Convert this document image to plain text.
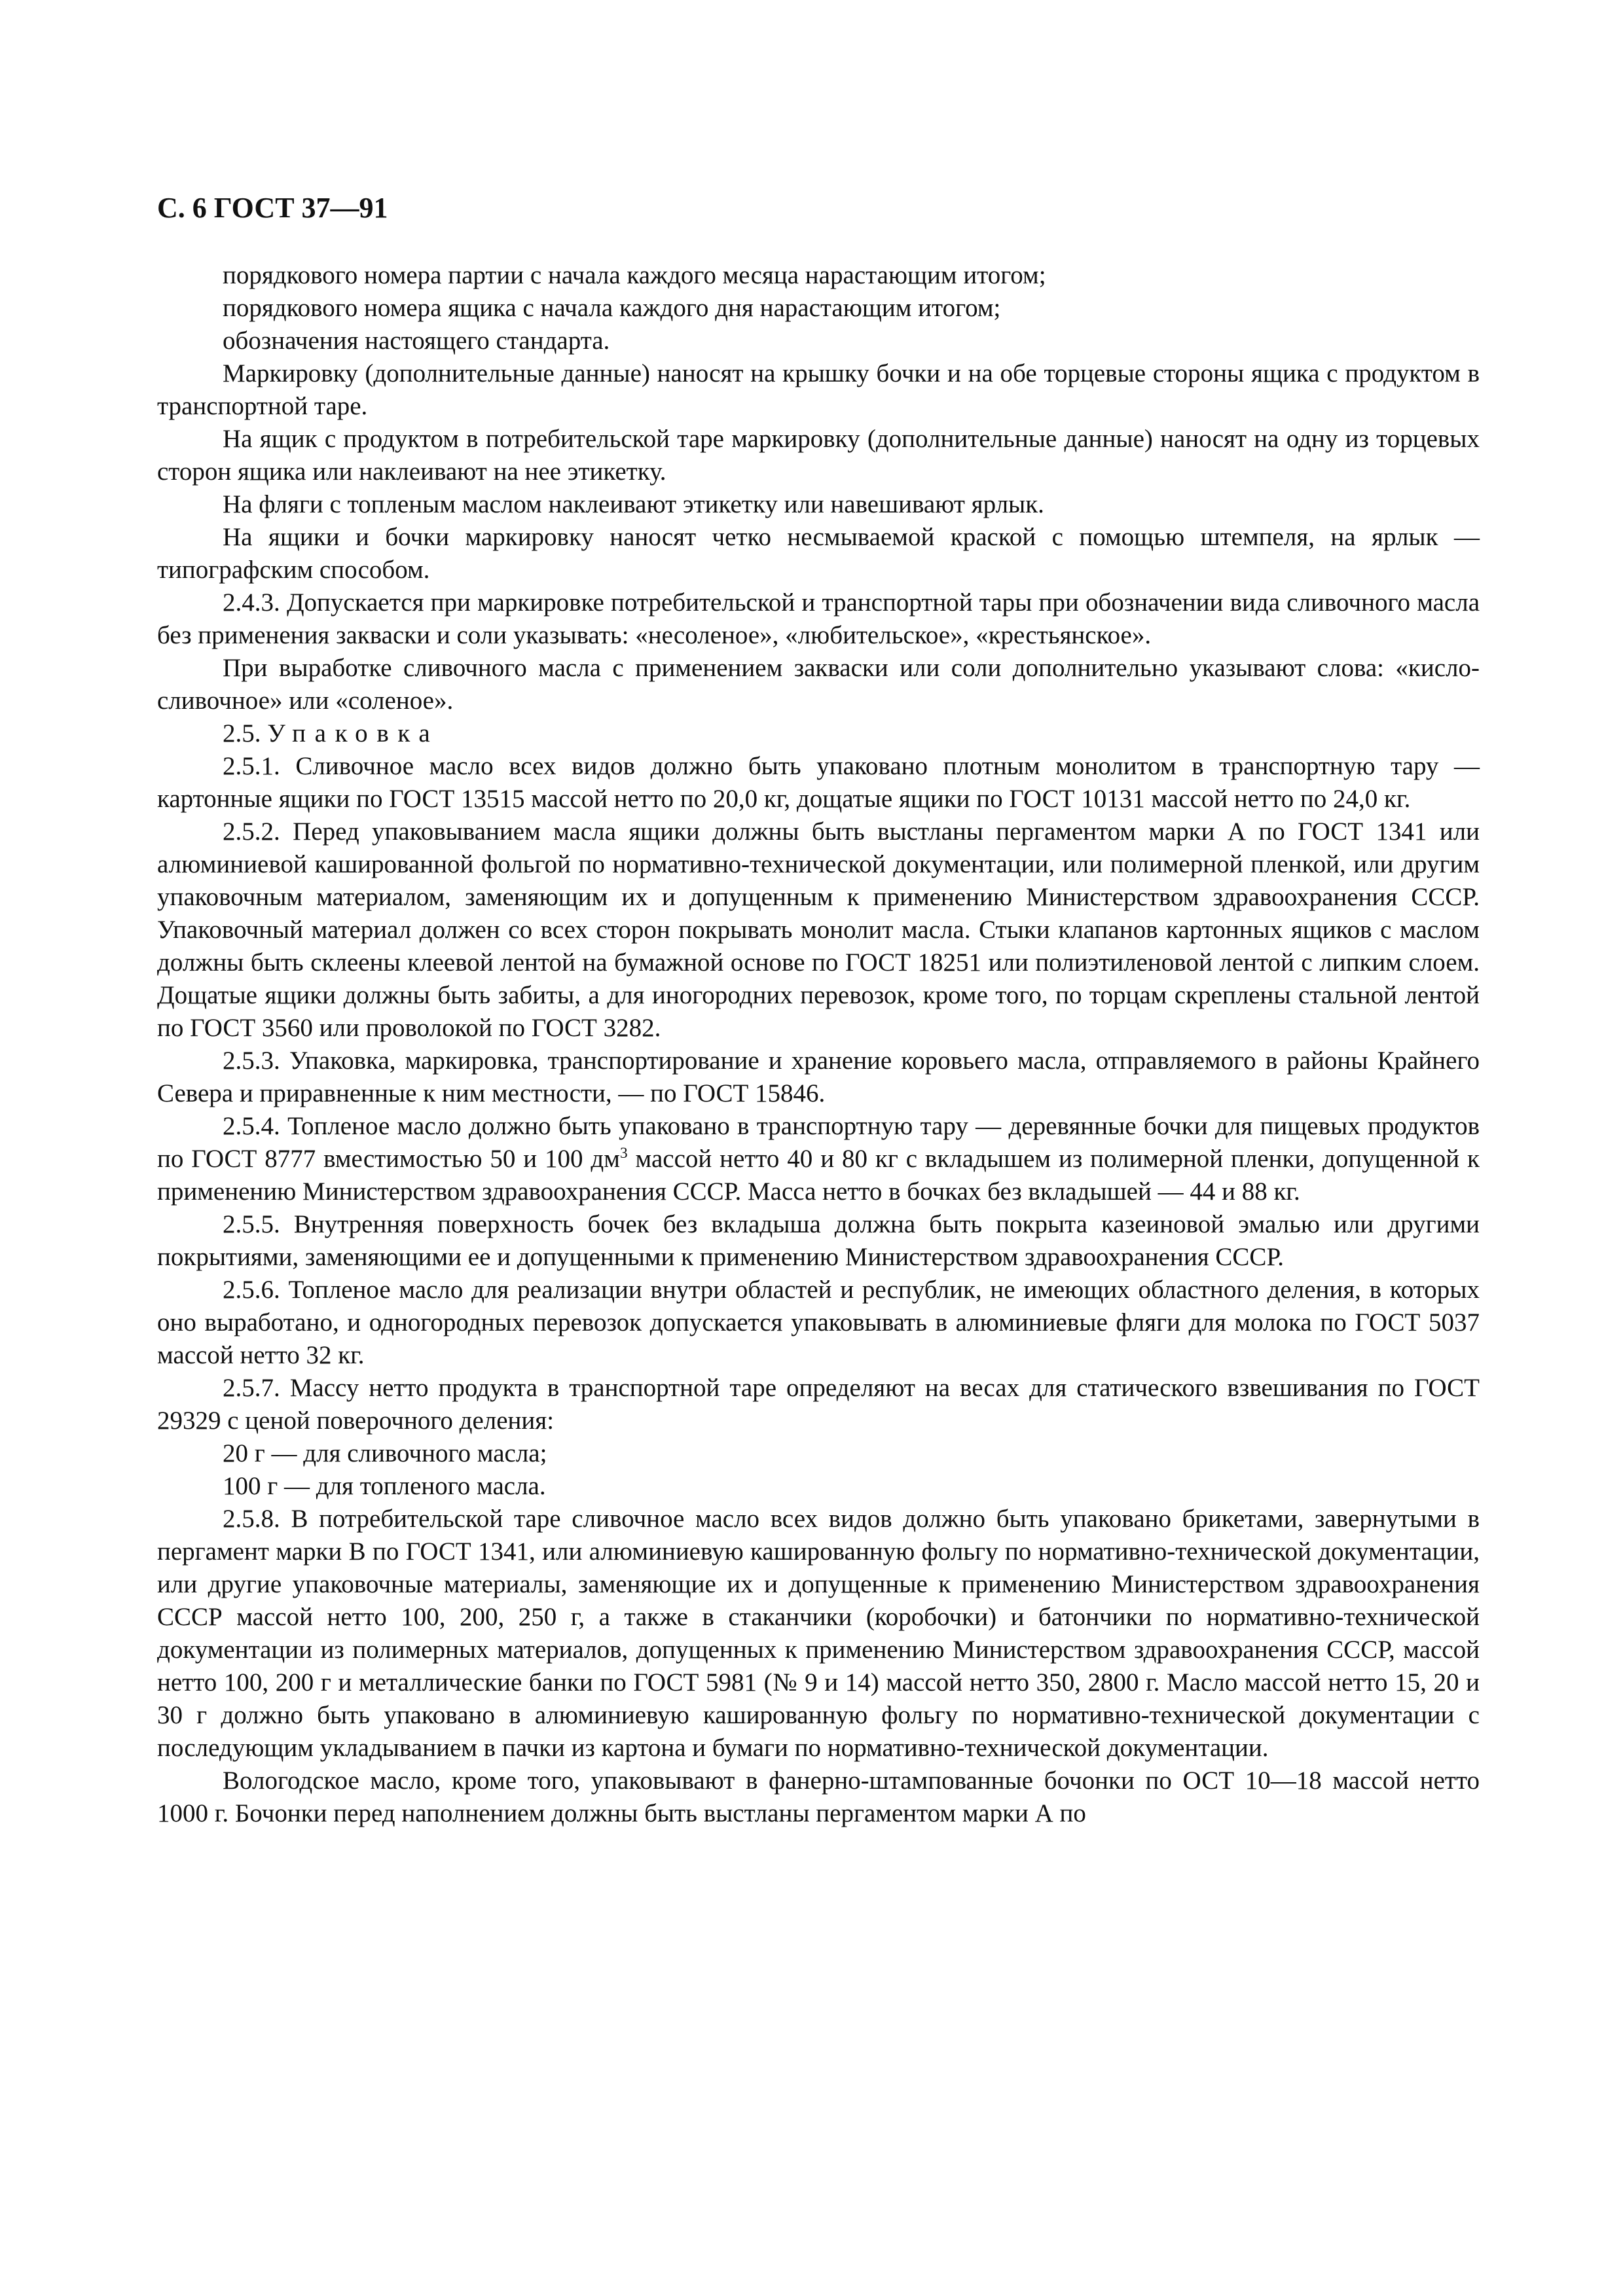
С. 6 ГОСТ 37—91

порядкового номера партии с начала каждого месяца нарастающим итогом;

порядкового номера ящика с начала каждого дня нарастающим итогом;

обозначения настоящего стандарта.

Маркировку (дополнительные данные) наносят на крышку бочки и на обе торцевые стороны ящика с продуктом в транспортной таре.

На ящик с продуктом в потребительской таре маркировку (дополнительные данные) наносят на одну из торцевых сторон ящика или наклеивают на нее этикетку.

На фляги с топленым маслом наклеивают этикетку или навешивают ярлык.

На ящики и бочки маркировку наносят четко несмываемой краской с помощью штемпеля, на ярлык — типографским способом.

2.4.3. Допускается при маркировке потребительской и транспортной тары при обозначении вида сливочного масла без применения закваски и соли указывать: «несоленое», «любительское», «крестьянское».

При выработке сливочного масла с применением закваски или соли дополнительно указывают слова: «кисло-сливочное» или «соленое».

2.5. Упаковка

2.5.1. Сливочное масло всех видов должно быть упаковано плотным монолитом в транспортную тару — картонные ящики по ГОСТ 13515 массой нетто по 20,0 кг, дощатые ящики по ГОСТ 10131 массой нетто по 24,0 кг.

2.5.2. Перед упаковыванием масла ящики должны быть выстланы пергаментом марки А по ГОСТ 1341 или алюминиевой кашированной фольгой по нормативно-технической документации, или полимерной пленкой, или другим упаковочным материалом, заменяющим их и допущенным к применению Министерством здравоохранения СССР. Упаковочный материал должен со всех сторон покрывать монолит масла. Стыки клапанов картонных ящиков с маслом должны быть склеены клеевой лентой на бумажной основе по ГОСТ 18251 или полиэтиленовой лентой с липким слоем. Дощатые ящики должны быть забиты, а для иногородних перевозок, кроме того, по торцам скреплены стальной лентой по ГОСТ 3560 или проволокой по ГОСТ 3282.

2.5.3. Упаковка, маркировка, транспортирование и хранение коровьего масла, отправляемого в районы Крайнего Севера и приравненные к ним местности, — по ГОСТ 15846.

2.5.4. Топленое масло должно быть упаковано в транспортную тару — деревянные бочки для пищевых продуктов по ГОСТ 8777 вместимостью 50 и 100 $дм^3$ массой нетто 40 и 80 кг с вкладышем из полимерной пленки, допущенной к применению Министерством здравоохранения СССР. Масса нетто в бочках без вкладышей — 44 и 88 кг.

2.5.5. Внутренняя поверхность бочек без вкладыша должна быть покрыта казеиновой эмалью или другими покрытиями, заменяющими ее и допущенными к применению Министерством здравоохранения СССР.

2.5.6. Топленое масло для реализации внутри областей и республик, не имеющих областного деления, в которых оно выработано, и одногородных перевозок допускается упаковывать в алюминиевые фляги для молока по ГОСТ 5037 массой нетто 32 кг.

2.5.7. Массу нетто продукта в транспортной таре определяют на весах для статического взвешивания по ГОСТ 29329 с ценой поверочного деления:

20 г — для сливочного масла;

100 г — для топленого масла.

2.5.8. В потребительской таре сливочное масло всех видов должно быть упаковано брикетами, завернутыми в пергамент марки В по ГОСТ 1341, или алюминиевую кашированную фольгу по нормативно-технической документации, или другие упаковочные материалы, заменяющие их и допущенные к применению Министерством здравоохранения СССР массой нетто 100, 200, 250 г, а также в стаканчики (коробочки) и батончики по нормативно-технической документации из полимерных материалов, допущенных к применению Министерством здравоохранения СССР, массой нетто 100, 200 г и металлические банки по ГОСТ 5981 (№ 9 и 14) массой нетто 350, 2800 г. Масло массой нетто 15, 20 и 30 г должно быть упаковано в алюминиевую кашированную фольгу по нормативно-технической документации с последующим укладыванием в пачки из картона и бумаги по нормативно-технической документации.

Вологодское масло, кроме того, упаковывают в фанерно-штампованные бочонки по ОСТ 10—18 массой нетто 1000 г. Бочонки перед наполнением должны быть выстланы пергаментом марки А по
